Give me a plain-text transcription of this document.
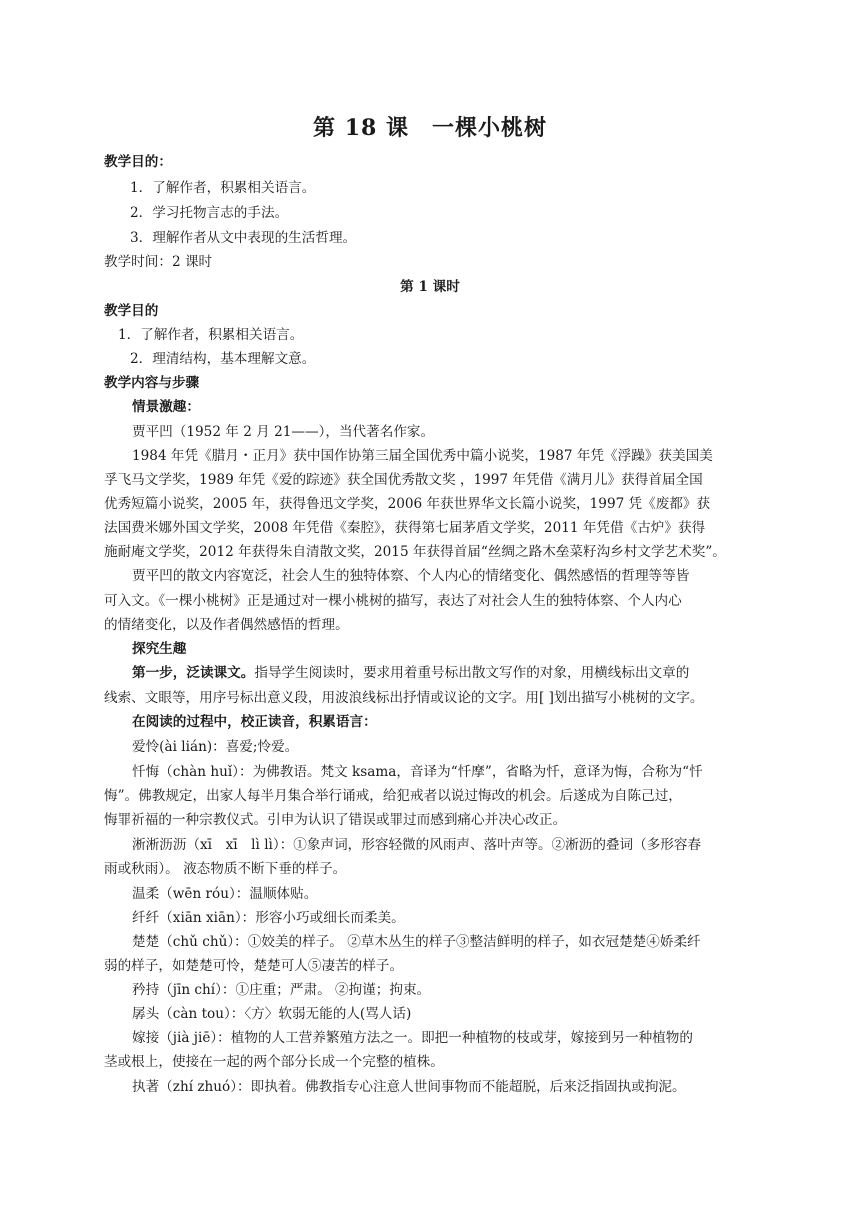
第 18 课　一棵小桃树
教学目的：
1．了解作者，积累相关语言。
2．学习托物言志的手法。
3．理解作者从文中表现的生活哲理。
教学时间：2 课时
第 1 课时
教学目的
1．了解作者，积累相关语言。
2．理清结构，基本理解文意。
教学内容与步骤
情景激趣：
贾平凹（1952 年 2 月 21——），当代著名作家。
1984 年凭《腊月・正月》获中国作协第三届全国优秀中篇小说奖，1987 年凭《浮躁》获美国美
孚飞马文学奖，1989 年凭《爱的踪迹》获全国优秀散文奖 ，1997 年凭借《满月儿》获得首届全国
优秀短篇小说奖，2005 年，获得鲁迅文学奖，2006 年获世界华文长篇小说奖，1997 凭《废都》获
法国费米娜外国文学奖，2008 年凭借《秦腔》，获得第七届茅盾文学奖，2011 年凭借《古炉》获得
施耐庵文学奖，2012 年获得朱自清散文奖，2015 年获得首届“丝绸之路木垒菜籽沟乡村文学艺术奖”。
贾平凹的散文内容宽泛，社会人生的独特体察、个人内心的情绪变化、偶然感悟的哲理等等皆
可入文。《一棵小桃树》正是通过对一棵小桃树的描写，表达了对社会人生的独特体察、个人内心
的情绪变化，以及作者偶然感悟的哲理。
探究生趣
第一步，泛读课文。指导学生阅读时，要求用着重号标出散文写作的对象，用横线标出文章的
线索、文眼等，用序号标出意义段，用波浪线标出抒情或议论的文字。用[ ]划出描写小桃树的文字。
在阅读的过程中，校正读音，积累语言：
爱怜(ài lián)：喜爱;怜爱。
忏悔（chàn huǐ）：为佛教语。梵文 ksama，音译为“忏摩”，省略为忏，意译为悔，合称为“忏
悔”。佛教规定，出家人每半月集合举行诵戒，给犯戒者以说过悔改的机会。后遂成为自陈己过，
悔罪祈福的一种宗教仪式。引申为认识了错误或罪过而感到痛心并决心改正。
淅淅沥沥（xī　xī　lì lì）：①象声词，形容轻微的风雨声、落叶声等。②淅沥的叠词（多形容春
雨或秋雨）。 液态物质不断下垂的样子。
温柔（wēn róu）：温顺体贴。
纤纤（xiān xiān）：形容小巧或细长而柔美。
楚楚（chǔ chǔ）：①姣美的样子。 ②草木丛生的样子③整洁鲜明的样子，如衣冠楚楚④娇柔纤
弱的样子，如楚楚可怜，楚楚可人⑤凄苦的样子。
矜持（jīn chí）：①庄重；严肃。 ②拘谨；拘束。
孱头（càn tou）：〈方〉软弱无能的人(骂人话)
嫁接（jià jiē）：植物的人工营养繁殖方法之一。即把一种植物的枝或芽，嫁接到另一种植物的
茎或根上，使接在一起的两个部分长成一个完整的植株。
执著（zhí zhuó）：即执着。佛教指专心注意人世间事物而不能超脱，后来泛指固执或拘泥。
